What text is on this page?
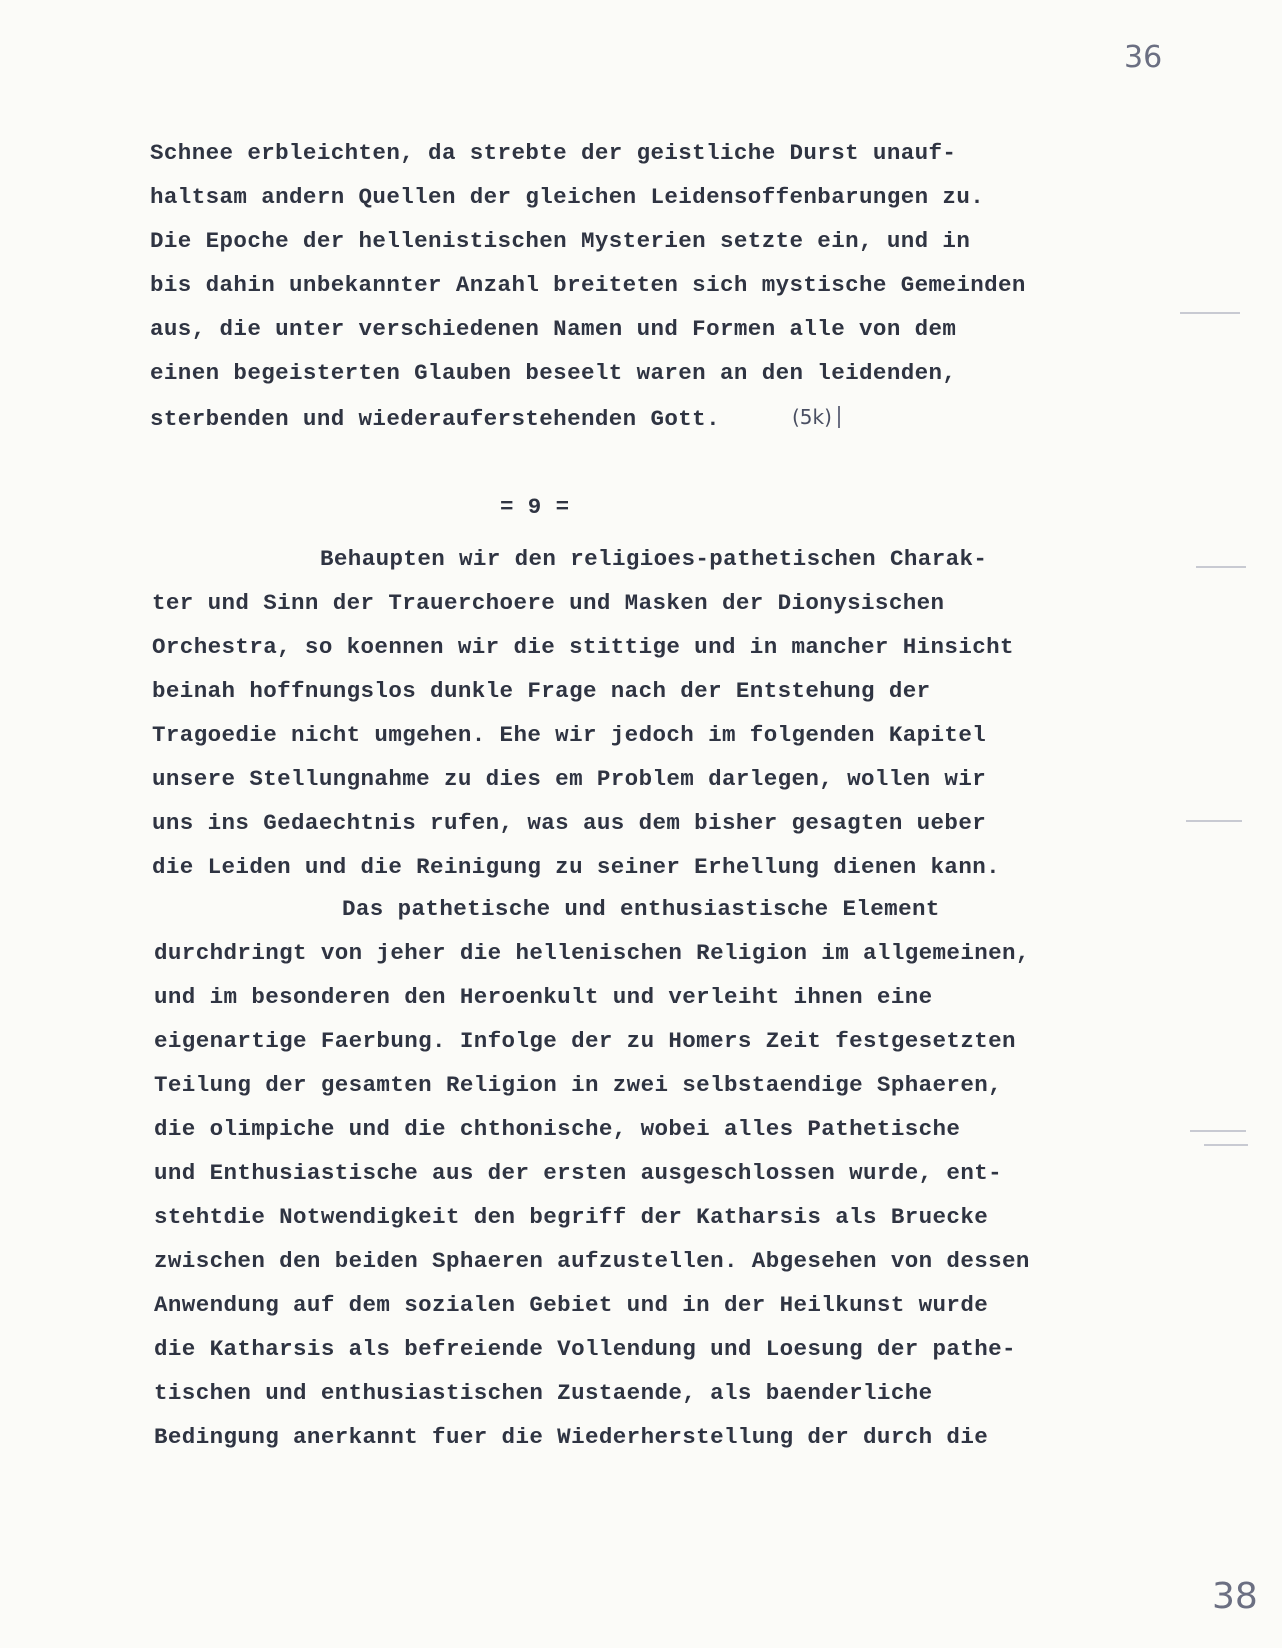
36

Schnee erbleichten, da strebte der geistliche Durst unauf-

haltsam andern Quellen der gleichen Leidensoffenbarungen zu.

Die Epoche der hellenistischen Mysterien setzte ein, und in

bis dahin unbekannter Anzahl breiteten sich mystische Gemeinden

aus, die unter verschiedenen Namen und Formen alle von dem

einen begeisterten Glauben beseelt waren an den leidenden,

sterbenden und wiederauferstehenden Gott.

	(5k)
= 9 =

Behaupten wir den religioes-pathetischen Charak-

ter und Sinn der Trauerchoere und Masken der Dionysischen

Orchestra, so koennen wir die stittige und in mancher Hinsicht

beinah hoffnungslos dunkle Frage nach der Entstehung der

Tragoedie nicht umgehen. Ehe wir jedoch im folgenden Kapitel

unsere Stellungnahme zu dies em Problem darlegen, wollen wir

uns ins Gedaechtnis rufen, was aus dem bisher gesagten ueber

die Leiden und die Reinigung zu seiner Erhellung dienen kann.

Das pathetische und enthusiastische Element

durchdringt von jeher die hellenischen Religion im allgemeinen,

und im besonderen den Heroenkult und verleiht ihnen eine

eigenartige Faerbung. Infolge der zu Homers Zeit festgesetzten

Teilung der gesamten Religion in zwei selbstaendige Sphaeren,

die olimpiche und die chthonische, wobei alles Pathetische

und Enthusiastische aus der ersten ausgeschlossen wurde, ent-

stehtdie Notwendigkeit den begriff der Katharsis als Bruecke

zwischen den beiden Sphaeren aufzustellen. Abgesehen von dessen

Anwendung auf dem sozialen Gebiet und in der Heilkunst wurde

die Katharsis als befreiende Vollendung und Loesung der pathe-

tischen und enthusiastischen Zustaende, als baenderliche

Bedingung anerkannt fuer die Wiederherstellung der durch die

38
